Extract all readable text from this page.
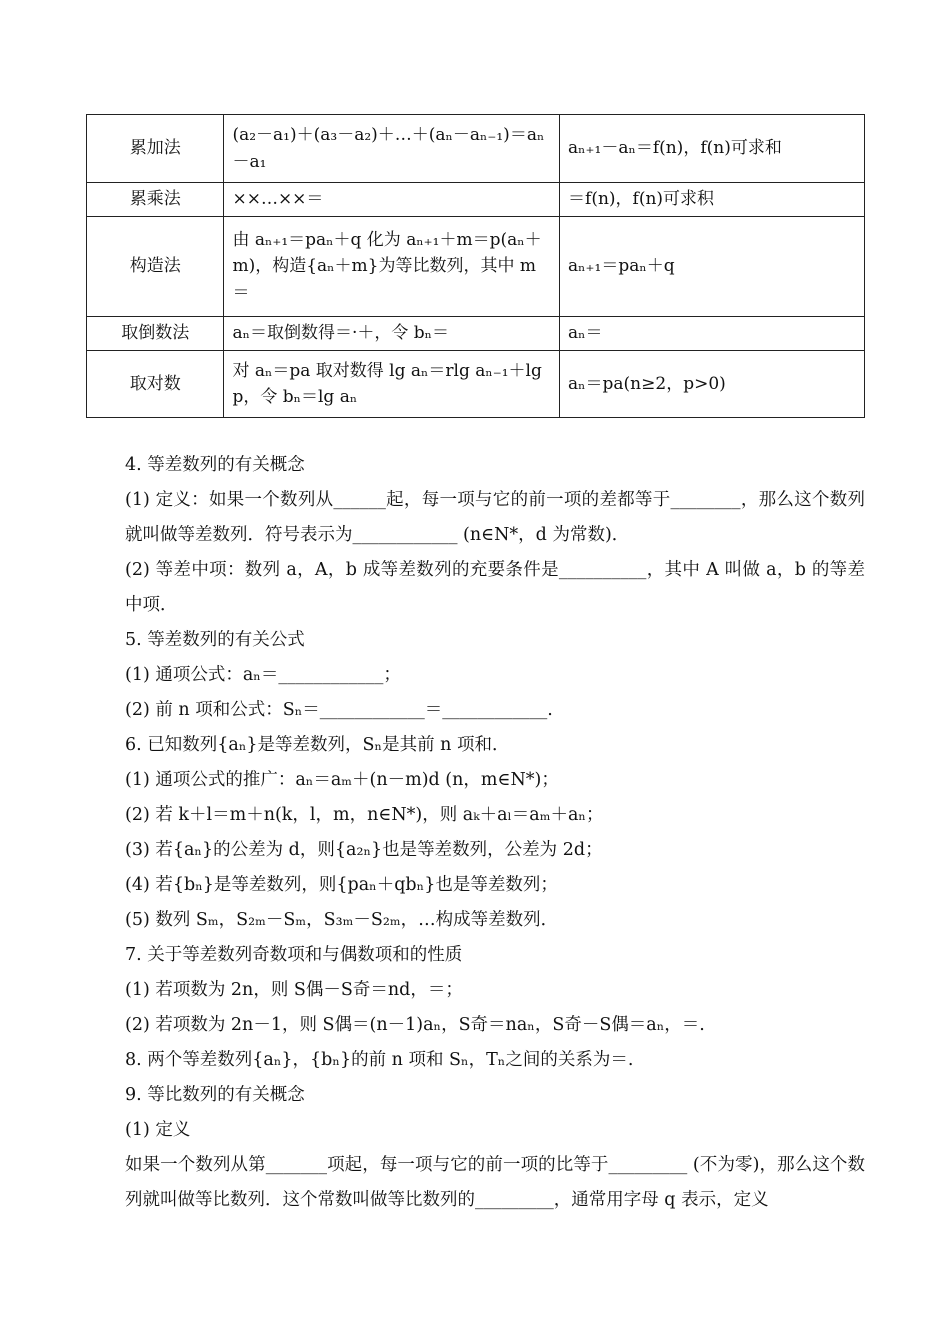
累加法	(a₂－a₁)＋(a₃－a₂)＋…＋(aₙ－aₙ₋₁)＝aₙ－a₁	aₙ₊₁－aₙ＝f(n)，f(n)可求和
累乘法	××…××＝	＝f(n)，f(n)可求积
构造法	由 aₙ₊₁＝paₙ＋q 化为 aₙ₊₁＋m＝p(aₙ＋m)，构造{aₙ＋m}为等比数列，其中 m＝	aₙ₊₁＝paₙ＋q
取倒数法	aₙ＝取倒数得＝·＋，令 bₙ＝	aₙ＝
取对数	对 aₙ＝pa 取对数得 lg aₙ＝rlg aₙ₋₁＋lg p，令 bₙ＝lg aₙ	aₙ＝pa(n≥2，p>0)
4. 等差数列的有关概念
(1) 定义：如果一个数列从______起，每一项与它的前一项的差都等于________，那么这个数列就叫做等差数列．符号表示为____________ (n∈N*，d 为常数)．
(2) 等差中项：数列 a，A，b 成等差数列的充要条件是__________，其中 A 叫做 a，b 的等差中项．
5. 等差数列的有关公式
(1) 通项公式：aₙ＝____________；
(2) 前 n 项和公式：Sₙ＝____________＝____________.
6. 已知数列{aₙ}是等差数列，Sₙ是其前 n 项和．
(1) 通项公式的推广：aₙ＝aₘ＋(n－m)d (n，m∈N*)；
(2) 若 k＋l＝m＋n(k，l，m，n∈N*)，则 aₖ＋aₗ＝aₘ＋aₙ；
(3) 若{aₙ}的公差为 d，则{a₂ₙ}也是等差数列，公差为 2d；
(4) 若{bₙ}是等差数列，则{paₙ＋qbₙ}也是等差数列；
(5) 数列 Sₘ，S₂ₘ－Sₘ，S₃ₘ－S₂ₘ，…构成等差数列．
7. 关于等差数列奇数项和与偶数项和的性质
(1) 若项数为 2n，则 S偶－S奇＝nd，＝；
(2) 若项数为 2n－1，则 S偶＝(n－1)aₙ，S奇＝naₙ，S奇－S偶＝aₙ，＝.
8. 两个等差数列{aₙ}，{bₙ}的前 n 项和 Sₙ，Tₙ之间的关系为＝.
9. 等比数列的有关概念
(1) 定义
如果一个数列从第_______项起，每一项与它的前一项的比等于_________ (不为零)，那么这个数列就叫做等比数列．这个常数叫做等比数列的_________，通常用字母 q 表示，定义
